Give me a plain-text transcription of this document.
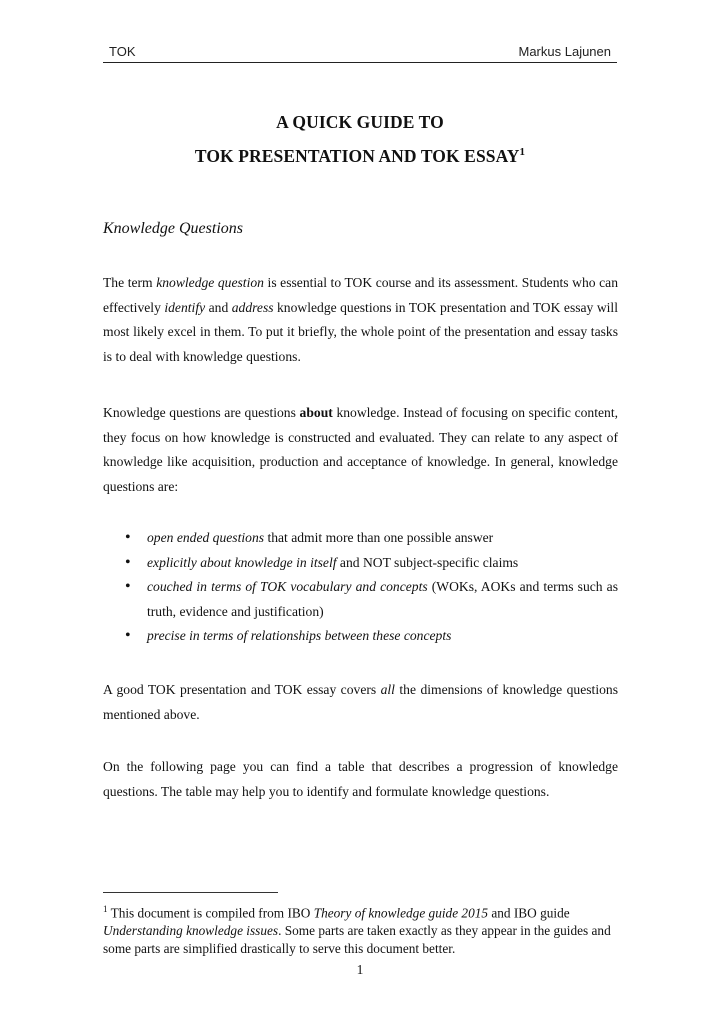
TOK	Markus Lajunen
A QUICK GUIDE TO
TOK PRESENTATION AND TOK ESSAY$^1$
Knowledge Questions
The term knowledge question is essential to TOK course and its assessment. Students who can effectively identify and address knowledge questions in TOK presentation and TOK essay will most likely excel in them. To put it briefly, the whole point of the presentation and essay tasks is to deal with knowledge questions.
Knowledge questions are questions about knowledge. Instead of focusing on specific content, they focus on how knowledge is constructed and evaluated. They can relate to any aspect of knowledge like acquisition, production and acceptance of knowledge. In general, knowledge questions are:
• open ended questions that admit more than one possible answer
• explicitly about knowledge in itself and NOT subject-specific claims
• couched in terms of TOK vocabulary and concepts (WOKs, AOKs and terms such as truth, evidence and justification)
• precise in terms of relationships between these concepts
A good TOK presentation and TOK essay covers all the dimensions of knowledge questions mentioned above.
On the following page you can find a table that describes a progression of knowledge questions. The table may help you to identify and formulate knowledge questions.
$^1$ This document is compiled from IBO Theory of knowledge guide 2015 and IBO guide Understanding knowledge issues. Some parts are taken exactly as they appear in the guides and some parts are simplified drastically to serve this document better.
1
